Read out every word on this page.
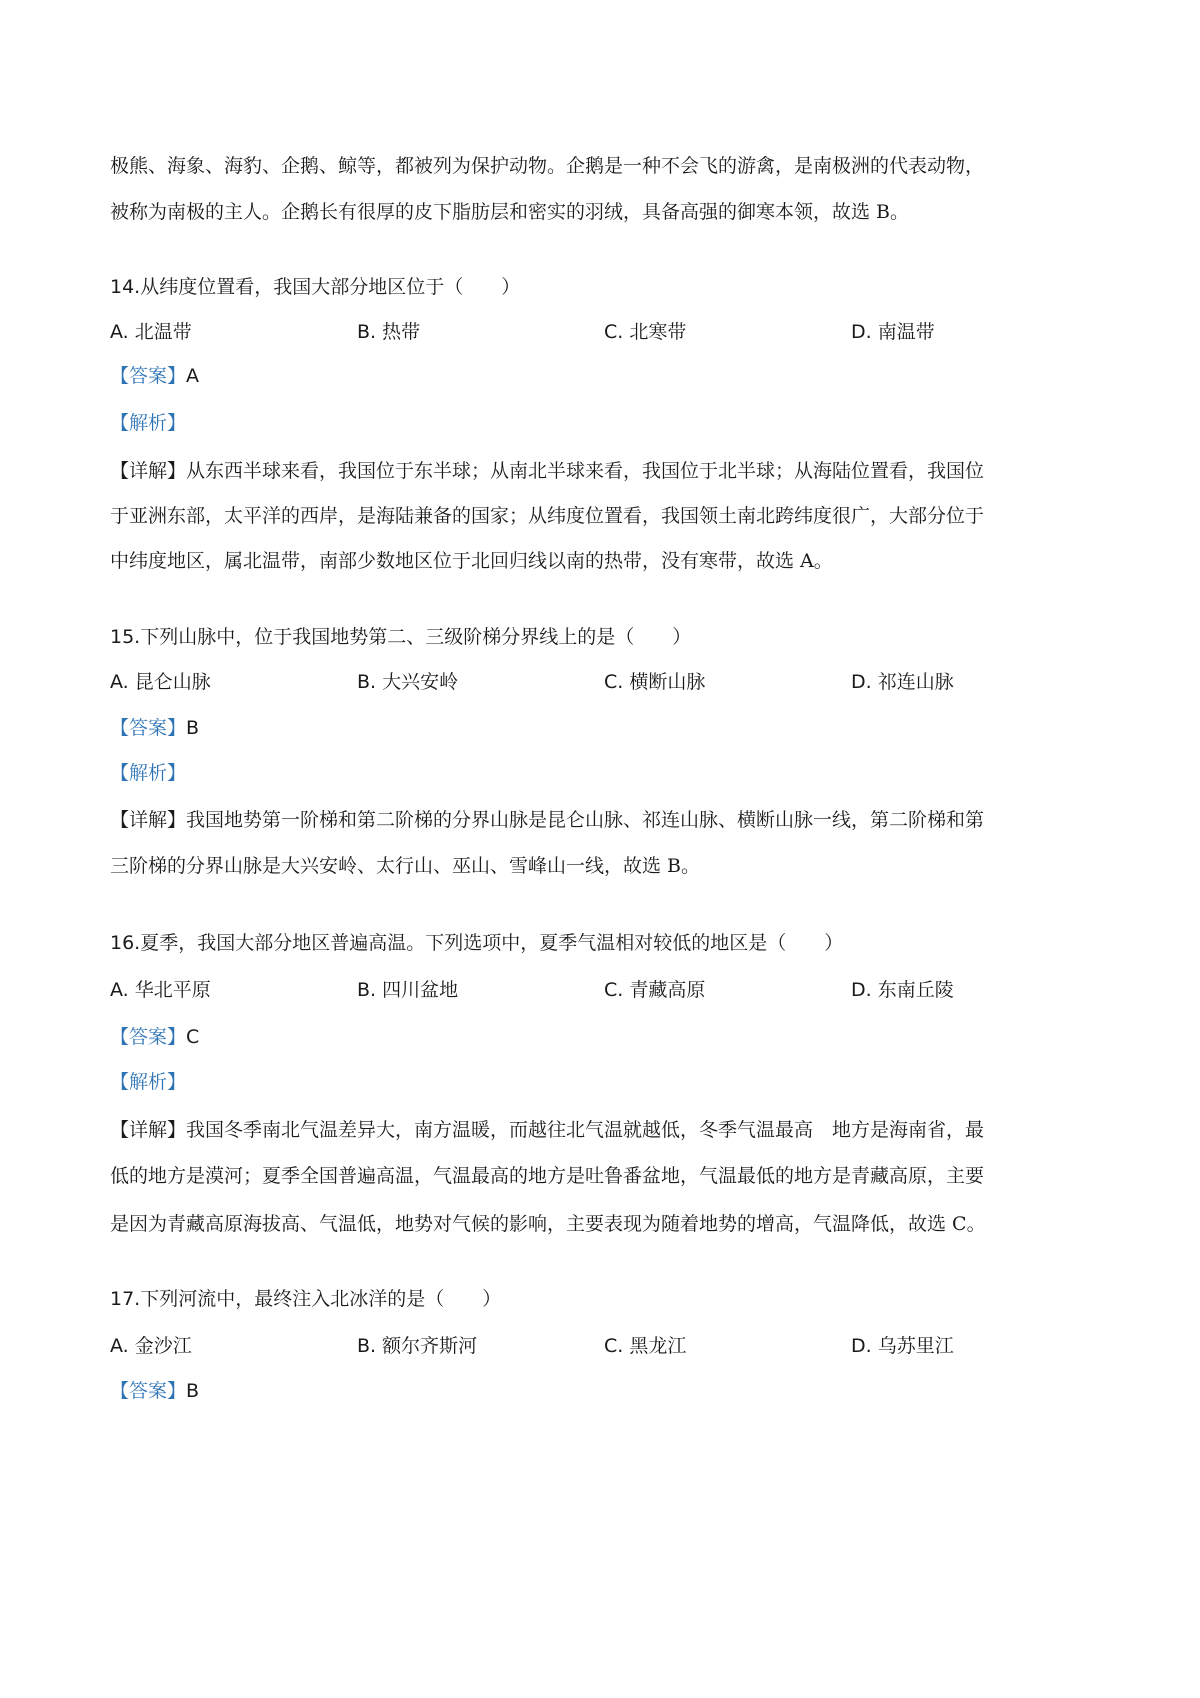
极熊、海象、海豹、企鹅、鲸等，都被列为保护动物。企鹅是一种不会飞的游禽，是南极洲的代表动物，
被称为南极的主人。企鹅长有很厚的皮下脂肪层和密实的羽绒，具备高强的御寒本领，故选 B。
14.从纬度位置看，我国大部分地区位于（　　）
A. 北温带	B. 热带	C. 北寒带	D. 南温带
【答案】A
【解析】
【详解】从东西半球来看，我国位于东半球；从南北半球来看，我国位于北半球；从海陆位置看，我国位
于亚洲东部，太平洋的西岸，是海陆兼备的国家；从纬度位置看，我国领土南北跨纬度很广，大部分位于
中纬度地区，属北温带，南部少数地区位于北回归线以南的热带，没有寒带，故选 A。
15.下列山脉中，位于我国地势第二、三级阶梯分界线上的是（　　）
A. 昆仑山脉	B. 大兴安岭	C. 横断山脉	D. 祁连山脉
【答案】B
【解析】
【详解】我国地势第一阶梯和第二阶梯的分界山脉是昆仑山脉、祁连山脉、横断山脉一线，第二阶梯和第
三阶梯的分界山脉是大兴安岭、太行山、巫山、雪峰山一线，故选 B。
16.夏季，我国大部分地区普遍高温。下列选项中，夏季气温相对较低的地区是（　　）
A. 华北平原	B. 四川盆地	C. 青藏高原	D. 东南丘陵
【答案】C
【解析】
【详解】我国冬季南北气温差异大，南方温暖，而越往北气温就越低，冬季气温最高　地方是海南省，最
低的地方是漠河；夏季全国普遍高温，气温最高的地方是吐鲁番盆地，气温最低的地方是青藏高原，主要
是因为青藏高原海拔高、气温低，地势对气候的影响，主要表现为随着地势的增高，气温降低，故选 C。
17.下列河流中，最终注入北冰洋的是（　　）
A. 金沙江	B. 额尔齐斯河	C. 黑龙江	D. 乌苏里江
【答案】B
